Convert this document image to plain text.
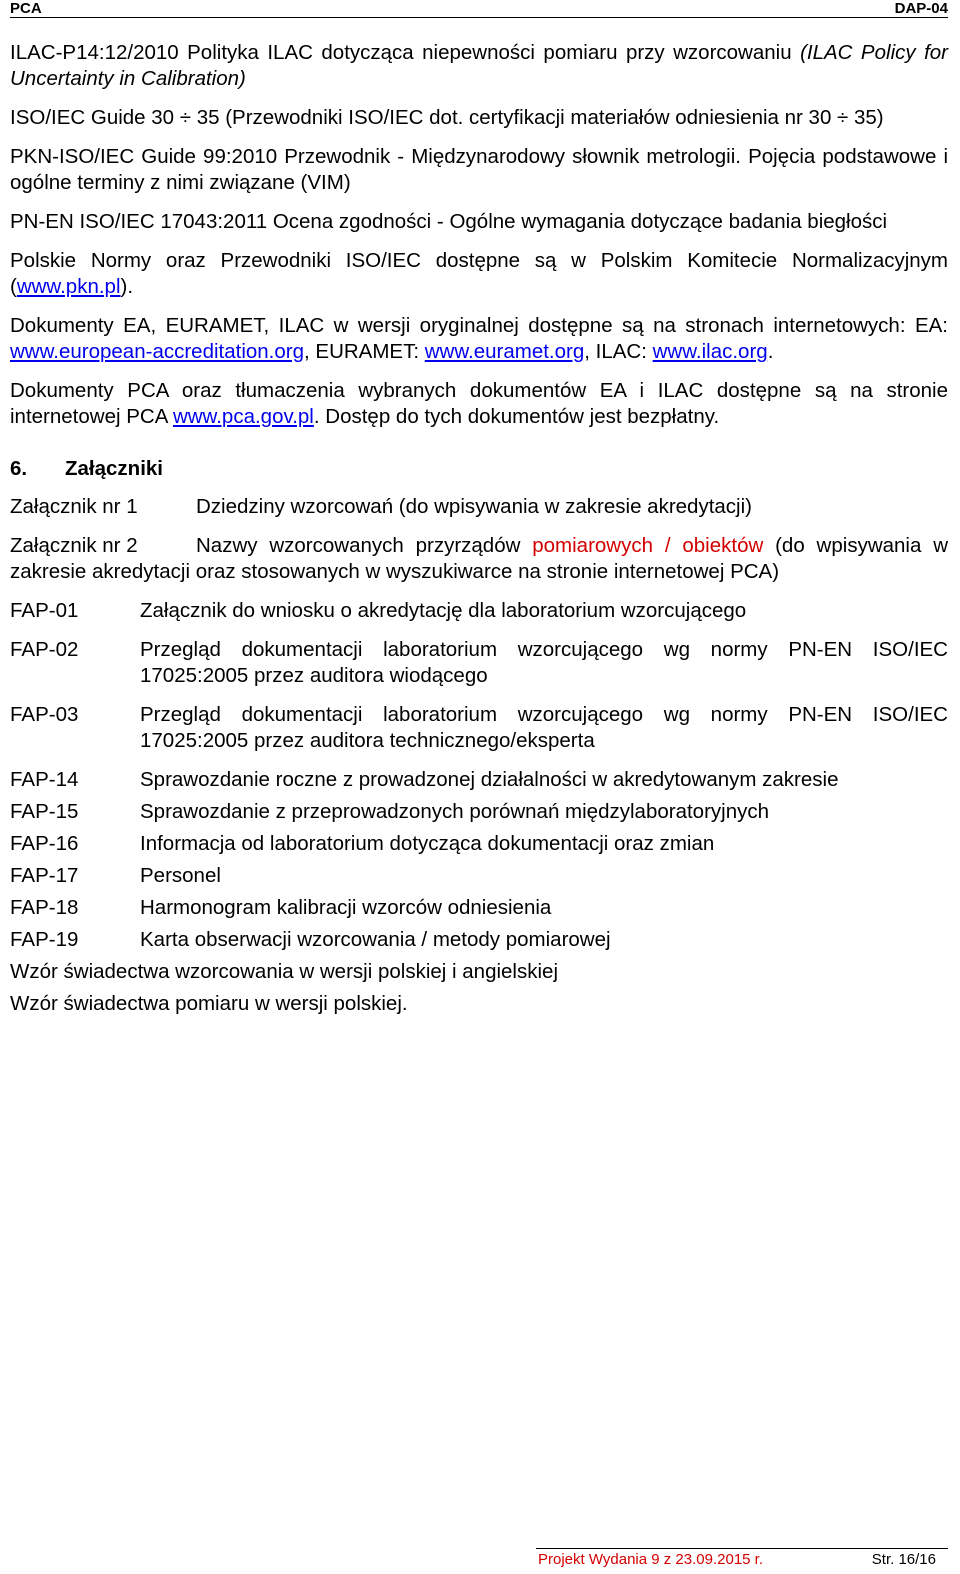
PCA	DAP-04

ILAC-P14:12/2010 Polityka ILAC dotycząca niepewności pomiaru przy wzorcowaniu (ILAC Policy for Uncertainty in Calibration)

ISO/IEC Guide 30 ÷ 35 (Przewodniki ISO/IEC dot. certyfikacji materiałów odniesienia nr 30 ÷ 35)

PKN-ISO/IEC Guide 99:2010 Przewodnik - Międzynarodowy słownik metrologii. Pojęcia podstawowe i ogólne terminy z nimi związane (VIM)

PN-EN ISO/IEC 17043:2011 Ocena zgodności - Ogólne wymagania dotyczące badania biegłości

Polskie Normy oraz Przewodniki ISO/IEC dostępne są w Polskim Komitecie Normalizacyjnym (www.pkn.pl).

Dokumenty EA, EURAMET, ILAC w wersji oryginalnej dostępne są na stronach internetowych: EA: www.european-accreditation.org, EURAMET: www.euramet.org, ILAC: www.ilac.org.

Dokumenty PCA oraz tłumaczenia wybranych dokumentów EA i ILAC dostępne są na stronie internetowej PCA www.pca.gov.pl. Dostęp do tych dokumentów jest bezpłatny.

6. Załączniki
Załącznik nr 1	Dziedziny wzorcowań (do wpisywania w zakresie akredytacji)
Załącznik nr 2	Nazwy wzorcowanych przyrządów pomiarowych / obiektów (do wpisywania w zakresie akredytacji oraz stosowanych w wyszukiwarce na stronie internetowej PCA)
FAP-01	Załącznik do wniosku o akredytację dla laboratorium wzorcującego
FAP-02	Przegląd dokumentacji laboratorium wzorcującego wg normy PN-EN ISO/IEC 17025:2005 przez auditora wiodącego
FAP-03	Przegląd dokumentacji laboratorium wzorcującego wg normy PN-EN ISO/IEC 17025:2005 przez auditora technicznego/eksperta
FAP-14	Sprawozdanie roczne z prowadzonej działalności w akredytowanym zakresie
FAP-15	Sprawozdanie z przeprowadzonych porównań międzylaboratoryjnych
FAP-16	Informacja od laboratorium dotycząca dokumentacji oraz zmian
FAP-17	Personel
FAP-18	Harmonogram kalibracji wzorców odniesienia
FAP-19	Karta obserwacji wzorcowania / metody pomiarowej
Wzór świadectwa wzorcowania w wersji polskiej i angielskiej
Wzór świadectwa pomiaru w wersji polskiej.
Projekt Wydania 9 z 23.09.2015 r.	Str. 16/16
